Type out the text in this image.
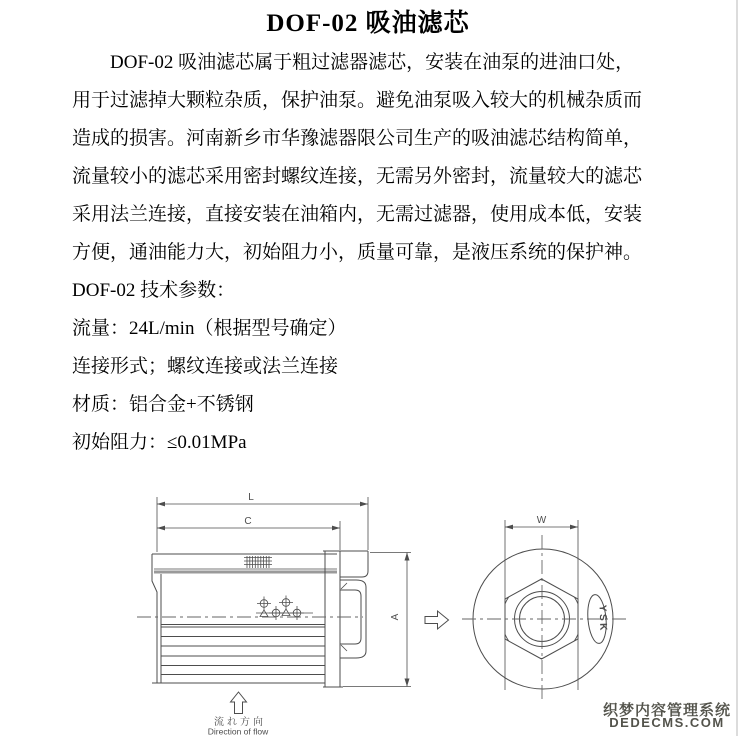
DOF-02 吸油滤芯
DOF-02 吸油滤芯属于粗过滤器滤芯，安装在油泵的进油口处，
用于过滤掉大颗粒杂质，保护油泵。避免油泵吸入较大的机械杂质而
造成的损害。河南新乡市华豫滤器限公司生产的吸油滤芯结构简单，
流量较小的滤芯采用密封螺纹连接，无需另外密封，流量较大的滤芯
采用法兰连接，直接安装在油箱内，无需过滤器，使用成本低，安装
方便，通油能力大，初始阻力小，质量可靠，是液压系统的保护神。
DOF-02 技术参数：
流量：24L/min（根据型号确定）
连接形式；螺纹连接或法兰连接
材质：铝合金+不锈钢
初始阻力：≤0.01MPa
流れ方向
Direction of flow
L
C
A
W
YSK
织梦内容管理系统
DEDECMS.COM
